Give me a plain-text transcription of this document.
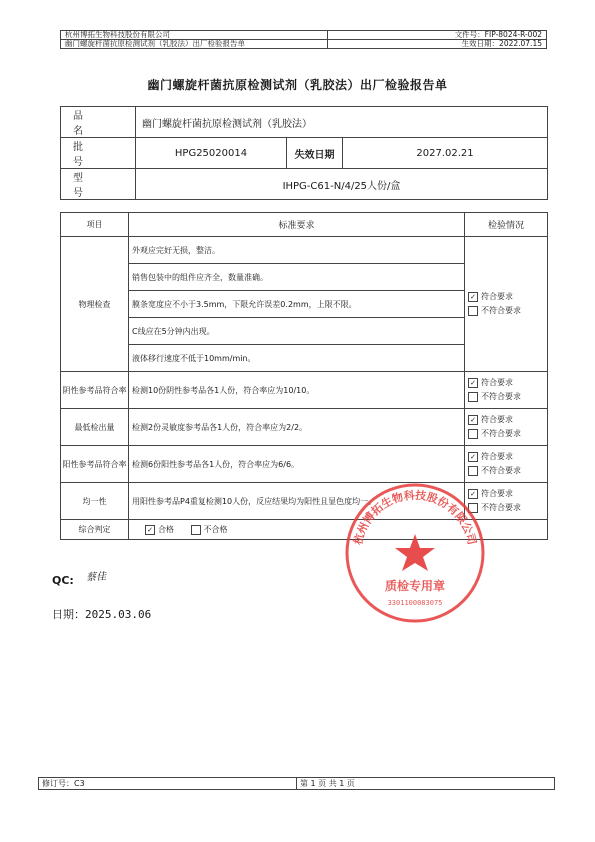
杭州博拓生物科技股份有限公司	文件号：FIP-8024-R-002
幽门螺旋杆菌抗原检测试剂（乳胶法）出厂检验报告单	生效日期：2022.07.15
幽门螺旋杆菌抗原检测试剂（乳胶法）出厂检验报告单
品名	幽门螺旋杆菌抗原检测试剂（乳胶法）		
批号	HPG25020014	失效日期	2027.02.21
型号	IHPG-C61-N/4/25人份/盒		
项目	标准要求	检验情况
物理检查	外观应完好无损，整洁。	✓ 符合要求
不符合要求

	销售包装中的组件应齐全，数量准确。	
	膜条宽度应不小于3.5mm，下限允许误差0.2mm，上限不限。	
	C线应在5分钟内出现。	
	液体移行速度不低于10mm/min。	
阴性参考品符合率	检测10份阴性参考品各1人份，符合率应为10/10。	✓ 符合要求
不符合要求

最低检出量	检测2份灵敏度参考品各1人份，符合率应为2/2。	✓ 符合要求
不符合要求

阳性参考品符合率	检测6份阳性参考品各1人份，符合率应为6/6。	✓ 符合要求
不符合要求

均一性	用阳性参考品P4重复检测10人份，反应结果均为阳性且显色度均一。	✓ 符合要求
不符合要求

综合判定	✓ 合格 不合格	
QC: 蔡佳
日期：2025.03.06
杭州博拓生物科技股份有限公司
质检专用章
3301100083075
修订号：C3	第 1 页 共 1 页
